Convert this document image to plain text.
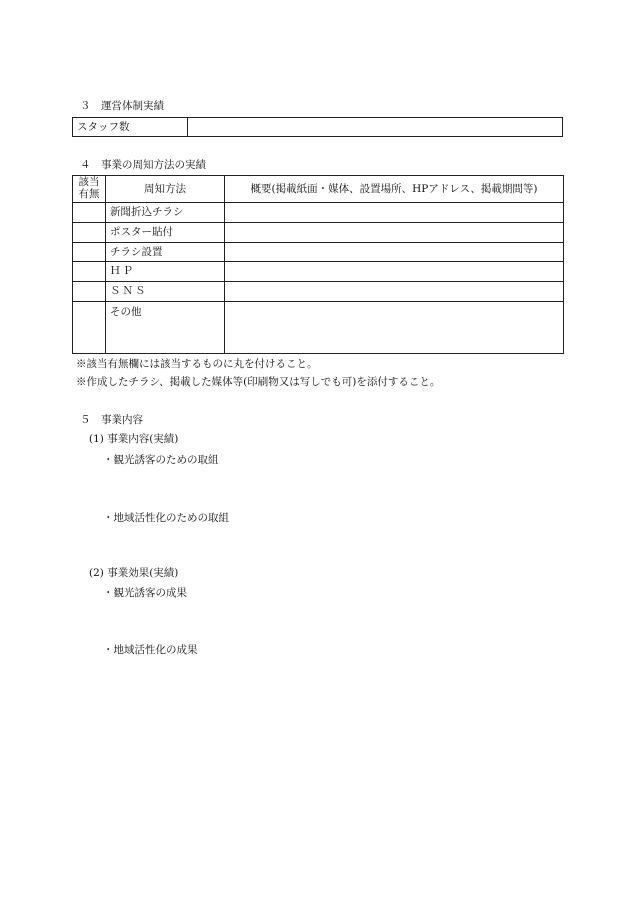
３　運営体制実績
スタッフ数	
４　事業の周知方法の実績
該当
有無	周知方法	概要(掲載紙面・媒体、設置場所、HPアドレス、掲載期間等)
	新聞折込チラシ	
	ポスター貼付	
	チラシ設置	
	ＨＰ	
	ＳＮＳ	
	その他	
※該当有無欄には該当するものに丸を付けること。
※作成したチラシ、掲載した媒体等(印刷物又は写しでも可)を添付すること。
５　事業内容
(1) 事業内容(実績)
・観光誘客のための取組
・地域活性化のための取組
(2) 事業効果(実績)
・観光誘客の成果
・地域活性化の成果
